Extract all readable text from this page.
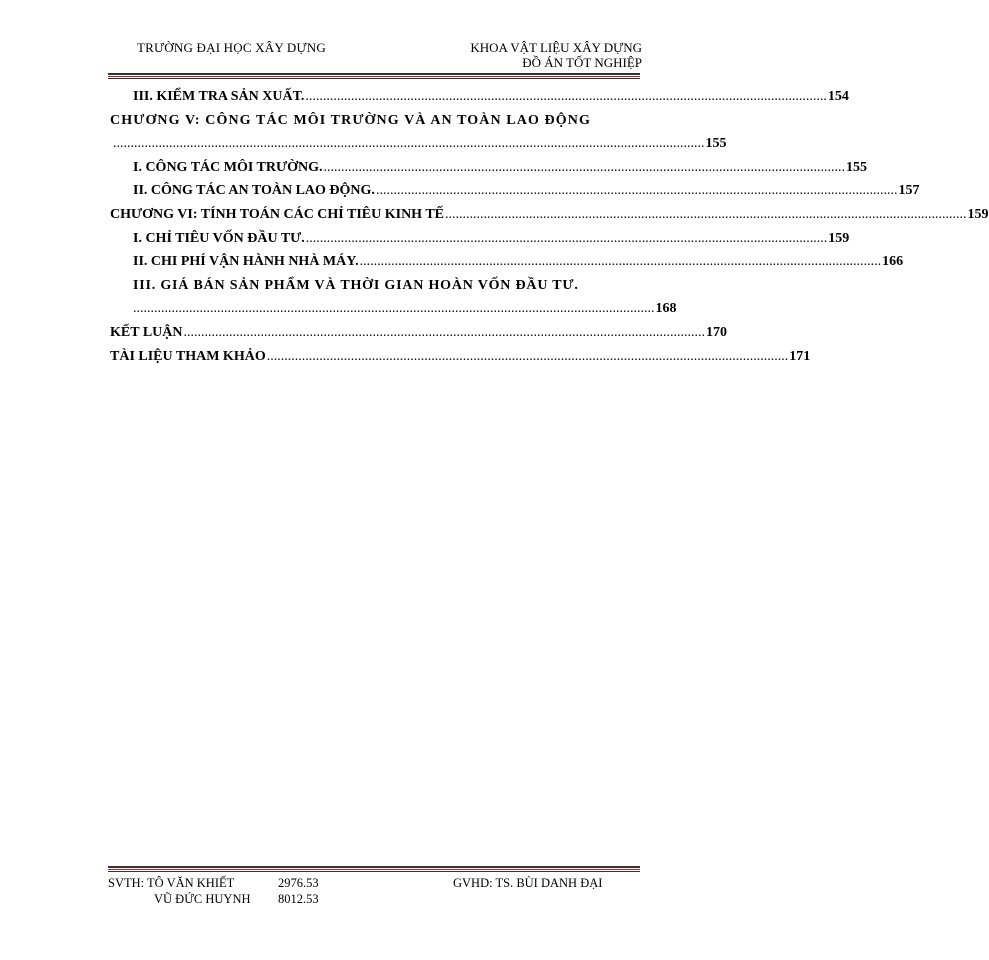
TRƯỜNG ĐẠI HỌC XÂY DỰNG	KHOA VẬT LIỆU XÂY DỰNG
ĐỒ ÁN TỐT NGHIỆP
III. KIỂM TRA SẢN XUẤT. ..................................................................................................................................................... 154
CHƯƠNG V: CÔNG TÁC MÔI TRƯỜNG VÀ AN TOÀN LAO ĐỘNG
......................................................................................................................................................................... 155
I. CÔNG TÁC MÔI TRƯỜNG. ..................................................................................................................................................... 155
II. CÔNG TÁC AN TOÀN LAO ĐỘNG. ..................................................................................................................................................... 157
CHƯƠNG VI: TÍNH TOÁN CÁC CHỈ TIÊU KINH TẾ ..................................................................................................................................................... 159
I. CHỈ TIÊU VỐN ĐẦU TƯ. ..................................................................................................................................................... 159
II. CHI PHÍ VẬN HÀNH NHÀ MÁY. ..................................................................................................................................................... 166
III. GIÁ BÁN SẢN PHẨM VÀ THỜI GIAN HOÀN VỐN ĐẦU TƯ.
..................................................................................................................................................... 168
KẾT LUẬN ..................................................................................................................................................... 170
TÀI LIỆU THAM KHẢO ..................................................................................................................................................... 171
SVTH: TÔ VĂN KHIẾT	2976.53	GVHD: TS. BÙI DANH ĐẠI
VŨ ĐỨC HUYNH 8012.53
